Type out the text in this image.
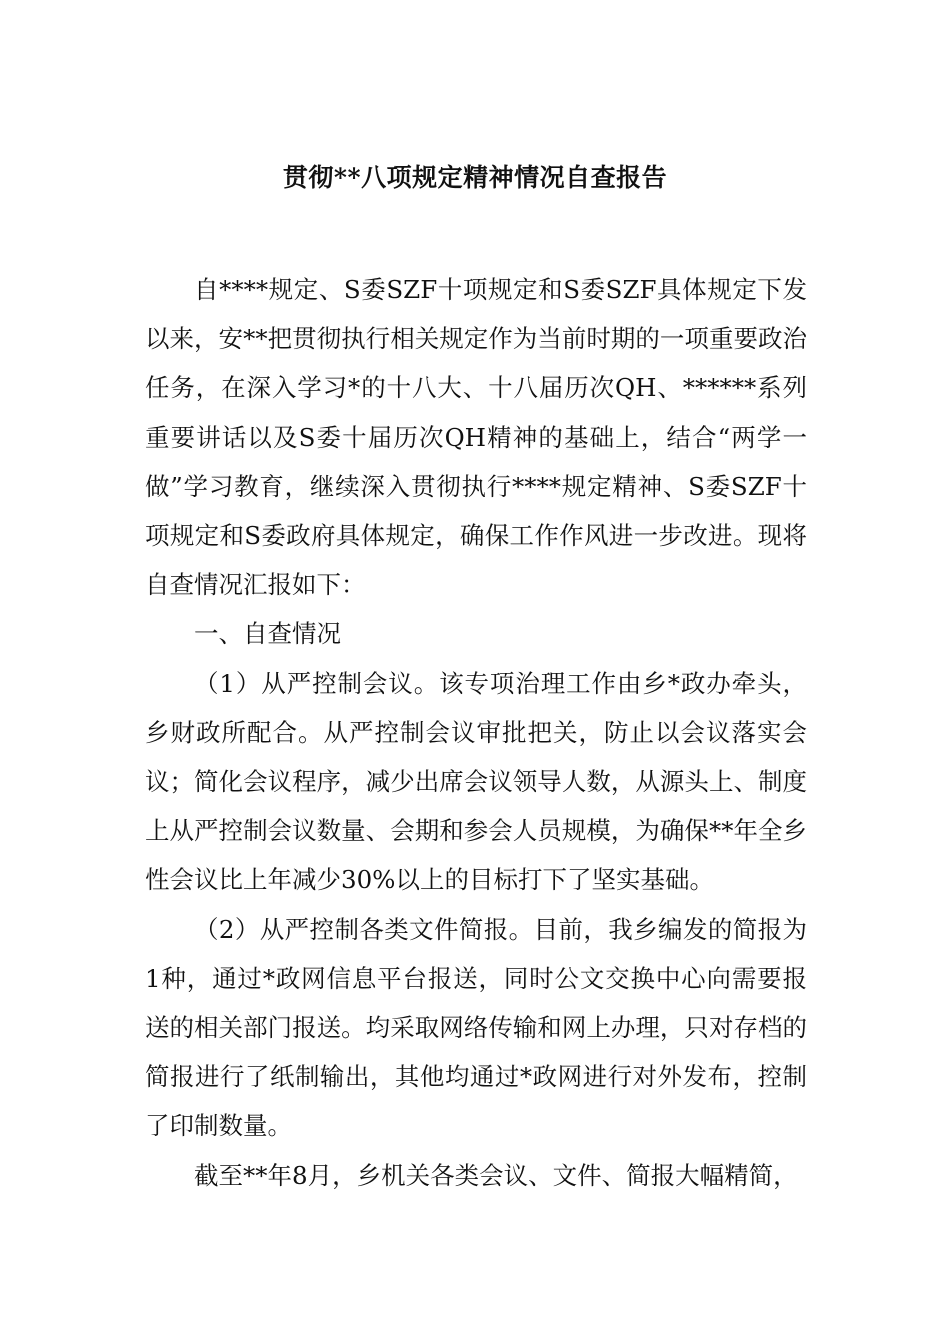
贯彻**八项规定精神情况自查报告

自****规定、S委SZF十项规定和S委SZF具体规定下发以来，安**把贯彻执行相关规定作为当前时期的一项重要政治任务，在深入学习*的十八大、十八届历次QH、******系列重要讲话以及S委十届历次QH精神的基础上，结合“两学一做”学习教育，继续深入贯彻执行****规定精神、S委SZF十项规定和S委政府具体规定，确保工作作风进一步改进。现将自查情况汇报如下：

一、自查情况

（1）从严控制会议。该专项治理工作由乡*政办牵头，乡财政所配合。从严控制会议审批把关，防止以会议落实会议；简化会议程序，减少出席会议领导人数，从源头上、制度上从严控制会议数量、会期和参会人员规模，为确保**年全乡性会议比上年减少30%以上的目标打下了坚实基础。

（2）从严控制各类文件简报。目前，我乡编发的简报为1种，通过*政网信息平台报送，同时公文交换中心向需要报送的相关部门报送。均采取网络传输和网上办理，只对存档的简报进行了纸制输出，其他均通过*政网进行对外发布，控制了印制数量。

截至**年8月，乡机关各类会议、文件、简报大幅精简，
